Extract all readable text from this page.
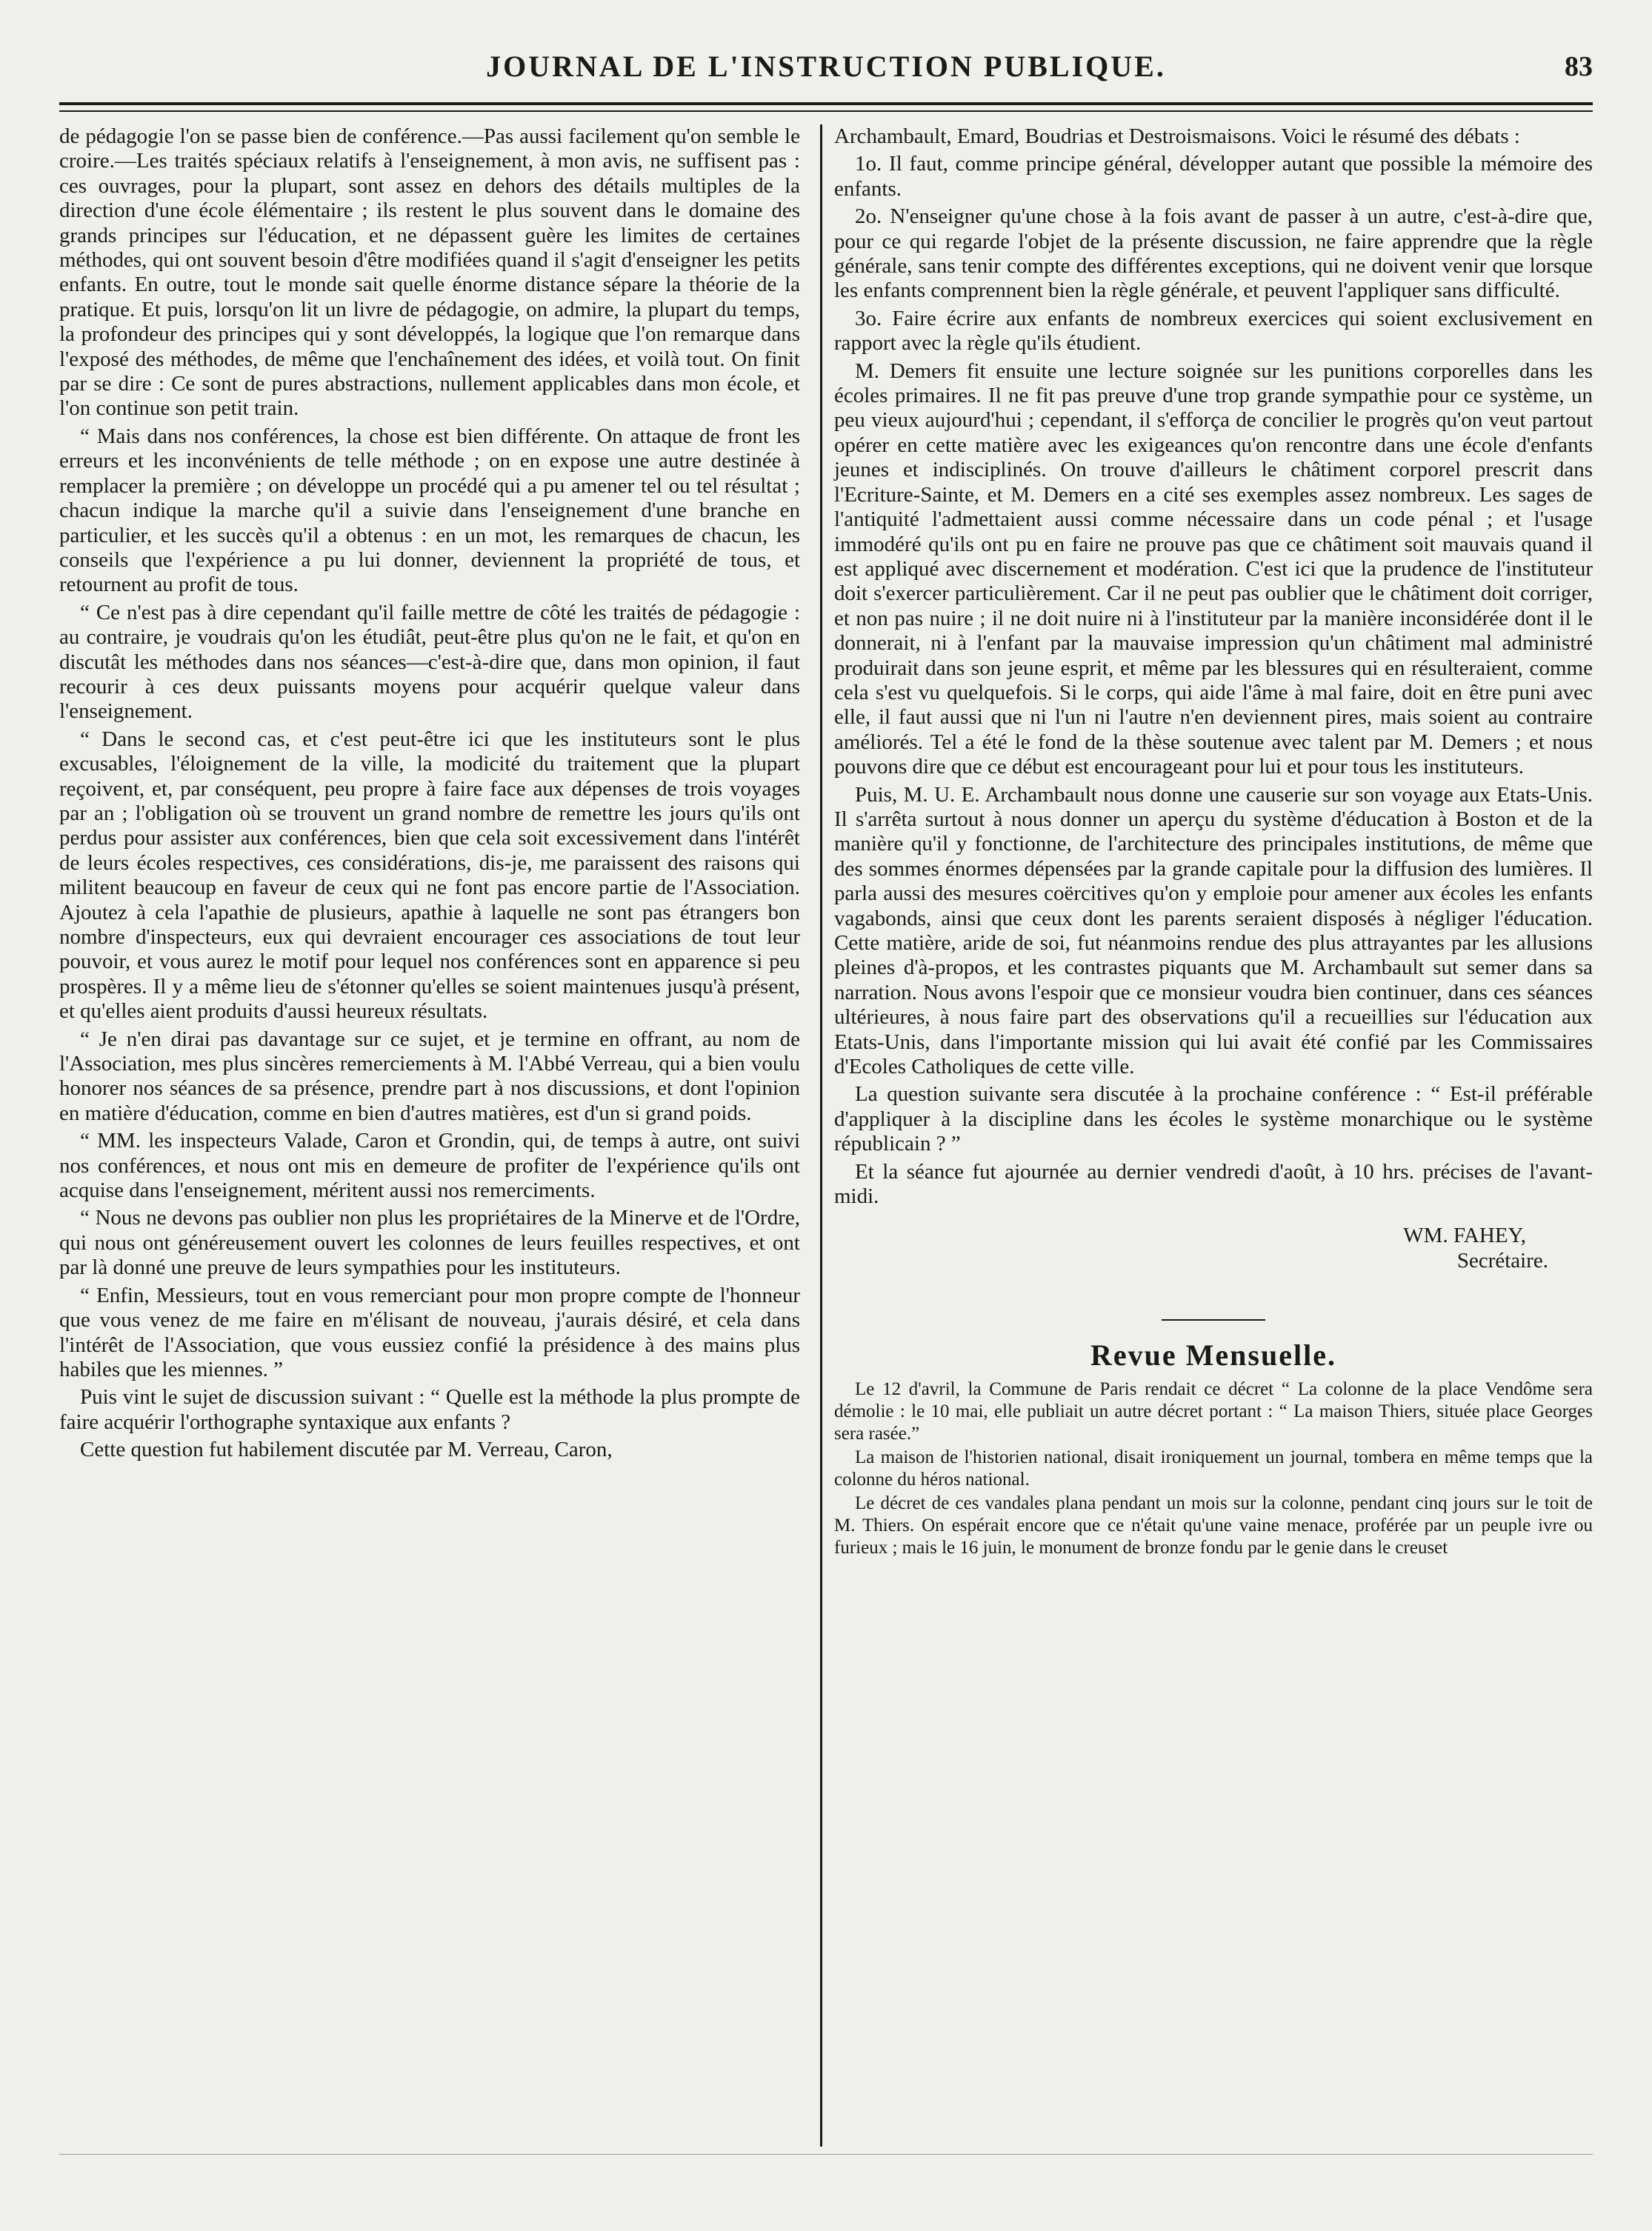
JOURNAL DE L'INSTRUCTION PUBLIQUE.	83

de pédagogie l'on se passe bien de conférence.—Pas aussi facilement qu'on semble le croire.—Les traités spéciaux relatifs à l'enseignement, à mon avis, ne suffisent pas : ces ouvrages, pour la plupart, sont assez en dehors des détails multiples de la direction d'une école élémentaire ; ils restent le plus souvent dans le domaine des grands principes sur l'éducation, et ne dépassent guère les limites de certaines méthodes, qui ont souvent besoin d'être modifiées quand il s'agit d'enseigner les petits enfants. En outre, tout le monde sait quelle énorme distance sépare la théorie de la pratique. Et puis, lorsqu'on lit un livre de pédagogie, on admire, la plupart du temps, la profondeur des principes qui y sont développés, la logique que l'on remarque dans l'exposé des méthodes, de même que l'enchaînement des idées, et voilà tout. On finit par se dire : Ce sont de pures abstractions, nullement applicables dans mon école, et l'on continue son petit train.

“ Mais dans nos conférences, la chose est bien différente. On attaque de front les erreurs et les inconvénients de telle méthode ; on en expose une autre destinée à remplacer la première ; on développe un procédé qui a pu amener tel ou tel résultat ; chacun indique la marche qu'il a suivie dans l'enseignement d'une branche en particulier, et les succès qu'il a obtenus : en un mot, les remarques de chacun, les conseils que l'expérience a pu lui donner, deviennent la propriété de tous, et retournent au profit de tous.

“ Ce n'est pas à dire cependant qu'il faille mettre de côté les traités de pédagogie : au contraire, je voudrais qu'on les étudiât, peut-être plus qu'on ne le fait, et qu'on en discutât les méthodes dans nos séances—c'est-à-dire que, dans mon opinion, il faut recourir à ces deux puissants moyens pour acquérir quelque valeur dans l'enseignement.

“ Dans le second cas, et c'est peut-être ici que les instituteurs sont le plus excusables, l'éloignement de la ville, la modicité du traitement que la plupart reçoivent, et, par conséquent, peu propre à faire face aux dépenses de trois voyages par an ; l'obligation où se trouvent un grand nombre de remettre les jours qu'ils ont perdus pour assister aux conférences, bien que cela soit excessivement dans l'intérêt de leurs écoles respectives, ces considérations, dis-je, me paraissent des raisons qui militent beaucoup en faveur de ceux qui ne font pas encore partie de l'Association. Ajoutez à cela l'apathie de plusieurs, apathie à laquelle ne sont pas étrangers bon nombre d'inspecteurs, eux qui devraient encourager ces associations de tout leur pouvoir, et vous aurez le motif pour lequel nos conférences sont en apparence si peu prospères. Il y a même lieu de s'étonner qu'elles se soient maintenues jusqu'à présent, et qu'elles aient produits d'aussi heureux résultats.

“ Je n'en dirai pas davantage sur ce sujet, et je termine en offrant, au nom de l'Association, mes plus sincères remerciements à M. l'Abbé Verreau, qui a bien voulu honorer nos séances de sa présence, prendre part à nos discussions, et dont l'opinion en matière d'éducation, comme en bien d'autres matières, est d'un si grand poids.

“ MM. les inspecteurs Valade, Caron et Grondin, qui, de temps à autre, ont suivi nos conférences, et nous ont mis en demeure de profiter de l'expérience qu'ils ont acquise dans l'enseignement, méritent aussi nos remerciments.

“ Nous ne devons pas oublier non plus les propriétaires de la Minerve et de l'Ordre, qui nous ont généreusement ouvert les colonnes de leurs feuilles respectives, et ont par là donné une preuve de leurs sympathies pour les instituteurs.

“ Enfin, Messieurs, tout en vous remerciant pour mon propre compte de l'honneur que vous venez de me faire en m'élisant de nouveau, j'aurais désiré, et cela dans l'intérêt de l'Association, que vous eussiez confié la présidence à des mains plus habiles que les miennes. ”

Puis vint le sujet de discussion suivant : “ Quelle est la méthode la plus prompte de faire acquérir l'orthographe syntaxique aux enfants ?

Cette question fut habilement discutée par M. Verreau, Caron,

Archambault, Emard, Boudrias et Destroismaisons. Voici le résumé des débats :

1o. Il faut, comme principe général, développer autant que possible la mémoire des enfants.

2o. N'enseigner qu'une chose à la fois avant de passer à un autre, c'est-à-dire que, pour ce qui regarde l'objet de la présente discussion, ne faire apprendre que la règle générale, sans tenir compte des différentes exceptions, qui ne doivent venir que lorsque les enfants comprennent bien la règle générale, et peuvent l'appliquer sans difficulté.

3o. Faire écrire aux enfants de nombreux exercices qui soient exclusivement en rapport avec la règle qu'ils étudient.

M. Demers fit ensuite une lecture soignée sur les punitions corporelles dans les écoles primaires. Il ne fit pas preuve d'une trop grande sympathie pour ce système, un peu vieux aujourd'hui ; cependant, il s'efforça de concilier le progrès qu'on veut partout opérer en cette matière avec les exigeances qu'on rencontre dans une école d'enfants jeunes et indisciplinés. On trouve d'ailleurs le châtiment corporel prescrit dans l'Ecriture-Sainte, et M. Demers en a cité ses exemples assez nombreux. Les sages de l'antiquité l'admettaient aussi comme nécessaire dans un code pénal ; et l'usage immodéré qu'ils ont pu en faire ne prouve pas que ce châtiment soit mauvais quand il est appliqué avec discernement et modération. C'est ici que la prudence de l'instituteur doit s'exercer particulièrement. Car il ne peut pas oublier que le châtiment doit corriger, et non pas nuire ; il ne doit nuire ni à l'instituteur par la manière inconsidérée dont il le donnerait, ni à l'enfant par la mauvaise impression qu'un châtiment mal administré produirait dans son jeune esprit, et même par les blessures qui en résulteraient, comme cela s'est vu quelquefois. Si le corps, qui aide l'âme à mal faire, doit en être puni avec elle, il faut aussi que ni l'un ni l'autre n'en deviennent pires, mais soient au contraire améliorés. Tel a été le fond de la thèse soutenue avec talent par M. Demers ; et nous pouvons dire que ce début est encourageant pour lui et pour tous les instituteurs.

Puis, M. U. E. Archambault nous donne une causerie sur son voyage aux Etats-Unis. Il s'arrêta surtout à nous donner un aperçu du système d'éducation à Boston et de la manière qu'il y fonctionne, de l'architecture des principales institutions, de même que des sommes énormes dépensées par la grande capitale pour la diffusion des lumières. Il parla aussi des mesures coërcitives qu'on y emploie pour amener aux écoles les enfants vagabonds, ainsi que ceux dont les parents seraient disposés à négliger l'éducation. Cette matière, aride de soi, fut néanmoins rendue des plus attrayantes par les allusions pleines d'à-propos, et les contrastes piquants que M. Archambault sut semer dans sa narration. Nous avons l'espoir que ce monsieur voudra bien continuer, dans ces séances ultérieures, à nous faire part des observations qu'il a recueillies sur l'éducation aux Etats-Unis, dans l'importante mission qui lui avait été confié par les Commissaires d'Ecoles Catholiques de cette ville.

La question suivante sera discutée à la prochaine conférence : “ Est-il préférable d'appliquer à la discipline dans les écoles le système monarchique ou le système républicain ? ”

Et la séance fut ajournée au dernier vendredi d'août, à 10 hrs. précises de l'avant-midi.

WM. FAHEY,

Secrétaire.

Revue Mensuelle.

Le 12 d'avril, la Commune de Paris rendait ce décret “ La colonne de la place Vendôme sera démolie : le 10 mai, elle publiait un autre décret portant : “ La maison Thiers, située place Georges sera rasée.”

La maison de l'historien national, disait ironiquement un journal, tombera en même temps que la colonne du héros national.

Le décret de ces vandales plana pendant un mois sur la colonne, pendant cinq jours sur le toit de M. Thiers. On espérait encore que ce n'était qu'une vaine menace, proférée par un peuple ivre ou furieux ; mais le 16 juin, le monument de bronze fondu par le genie dans le creuset
